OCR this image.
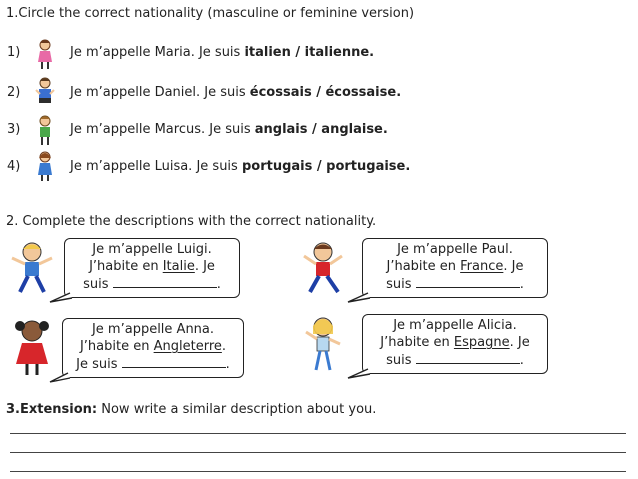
1.Circle the correct nationality (masculine or feminine version)
1)	Je m’appelle Maria. Je suis italien / italienne.
2)	Je m’appelle Daniel. Je suis écossais / écossaise.
3)	Je m’appelle Marcus. Je suis anglais / anglaise.
4)	Je m’appelle Luisa. Je suis portugais / portugaise.
2. Complete the descriptions with the correct nationality.
Je m’appelle Luigi.
J’habite en Italie. Je
suis	.
Je m’appelle Paul.
J’habite en France. Je
suis	.
Je m’appelle Anna.
J’habite en Angleterre.
Je suis	.
Je m’appelle Alicia.
J’habite en Espagne. Je
suis	.
3.Extension: Now write a similar description about you.
